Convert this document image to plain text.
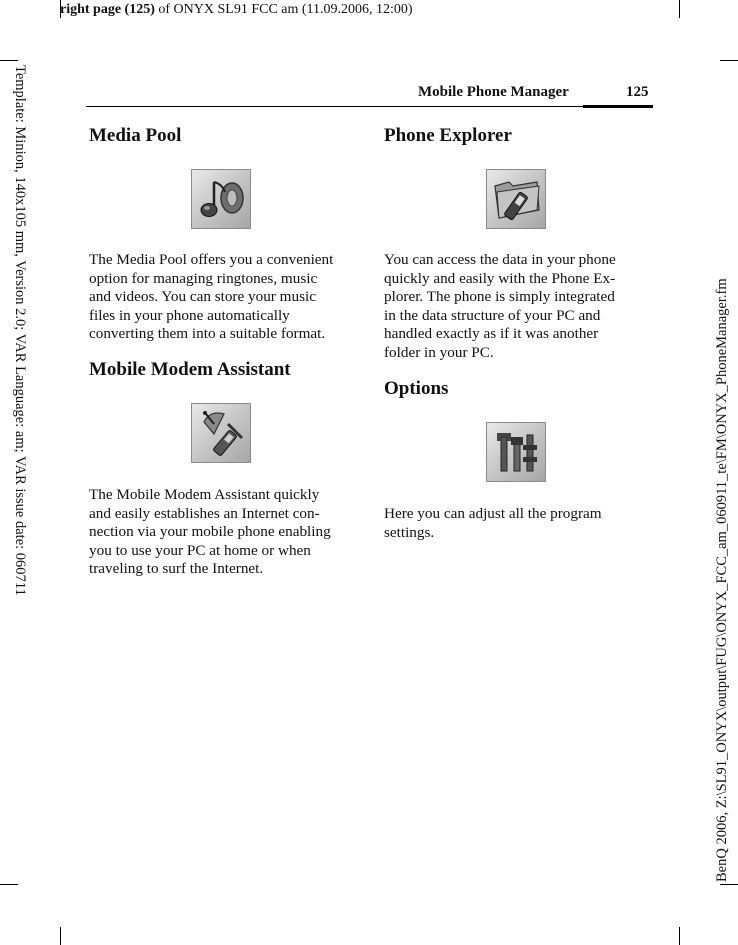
right page (125) of ONYX SL91 FCC am (11.09.2006, 12:00)
Template: Minion, 140x105 mm, Version 2.0; VAR Language: am; VAR issue date: 060711	BenQ 2006, Z:\SL91_ONYX\output\FUG\ONYX_FCC_am_060911_te\FM\ONYX_PhoneManager.fm
Mobile Phone Manager	125
Media Pool

The Media Pool offers you a convenient
option for managing ringtones, music
and videos. You can store your music
files in your phone automatically
converting them into a suitable format.

Mobile Modem Assistant

The Mobile Modem Assistant quickly
and easily establishes an Internet con-
nection via your mobile phone enabling
you to use your PC at home or when
traveling to surf the Internet.

Phone Explorer

You can access the data in your phone
quickly and easily with the Phone Ex-
plorer. The phone is simply integrated
in the data structure of your PC and
handled exactly as if it was another
folder in your PC.

Options

Here you can adjust all the program
settings.
